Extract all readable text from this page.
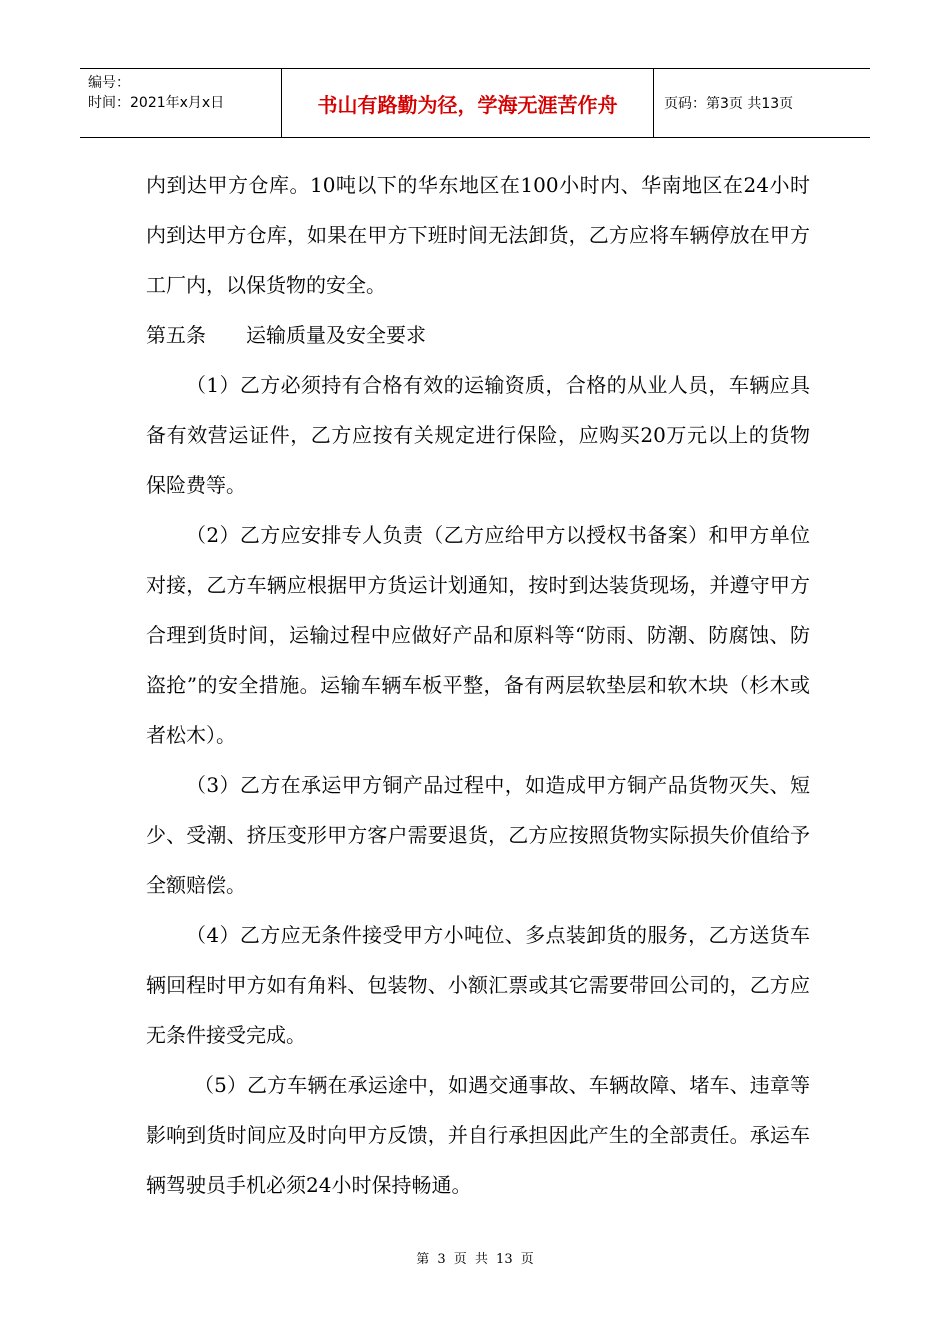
编号：
时间：2021年x月x日	书山有路勤为径，学海无涯苦作舟	页码：第3页 共13页

内到达甲方仓库。10吨以下的华东地区在100小时内、华南地区在24小时内到达甲方仓库，如果在甲方下班时间无法卸货，乙方应将车辆停放在甲方工厂内，以保货物的安全。

第五条　　运输质量及安全要求

（1）乙方必须持有合格有效的运输资质，合格的从业人员，车辆应具备有效营运证件，乙方应按有关规定进行保险，应购买20万元以上的货物保险费等。

（2）乙方应安排专人负责（乙方应给甲方以授权书备案）和甲方单位对接，乙方车辆应根据甲方货运计划通知，按时到达装货现场，并遵守甲方合理到货时间，运输过程中应做好产品和原料等“防雨、防潮、防腐蚀、防盗抢”的安全措施。运输车辆车板平整，备有两层软垫层和软木块（杉木或者松木）。

（3）乙方在承运甲方铜产品过程中，如造成甲方铜产品货物灭失、短少、受潮、挤压变形甲方客户需要退货，乙方应按照货物实际损失价值给予全额赔偿。

（4）乙方应无条件接受甲方小吨位、多点装卸货的服务，乙方送货车辆回程时甲方如有角料、包装物、小额汇票或其它需要带回公司的，乙方应无条件接受完成。

（5）乙方车辆在承运途中，如遇交通事故、车辆故障、堵车、违章等影响到货时间应及时向甲方反馈，并自行承担因此产生的全部责任。承运车辆驾驶员手机必须24小时保持畅通。

第 3 页 共 13 页
